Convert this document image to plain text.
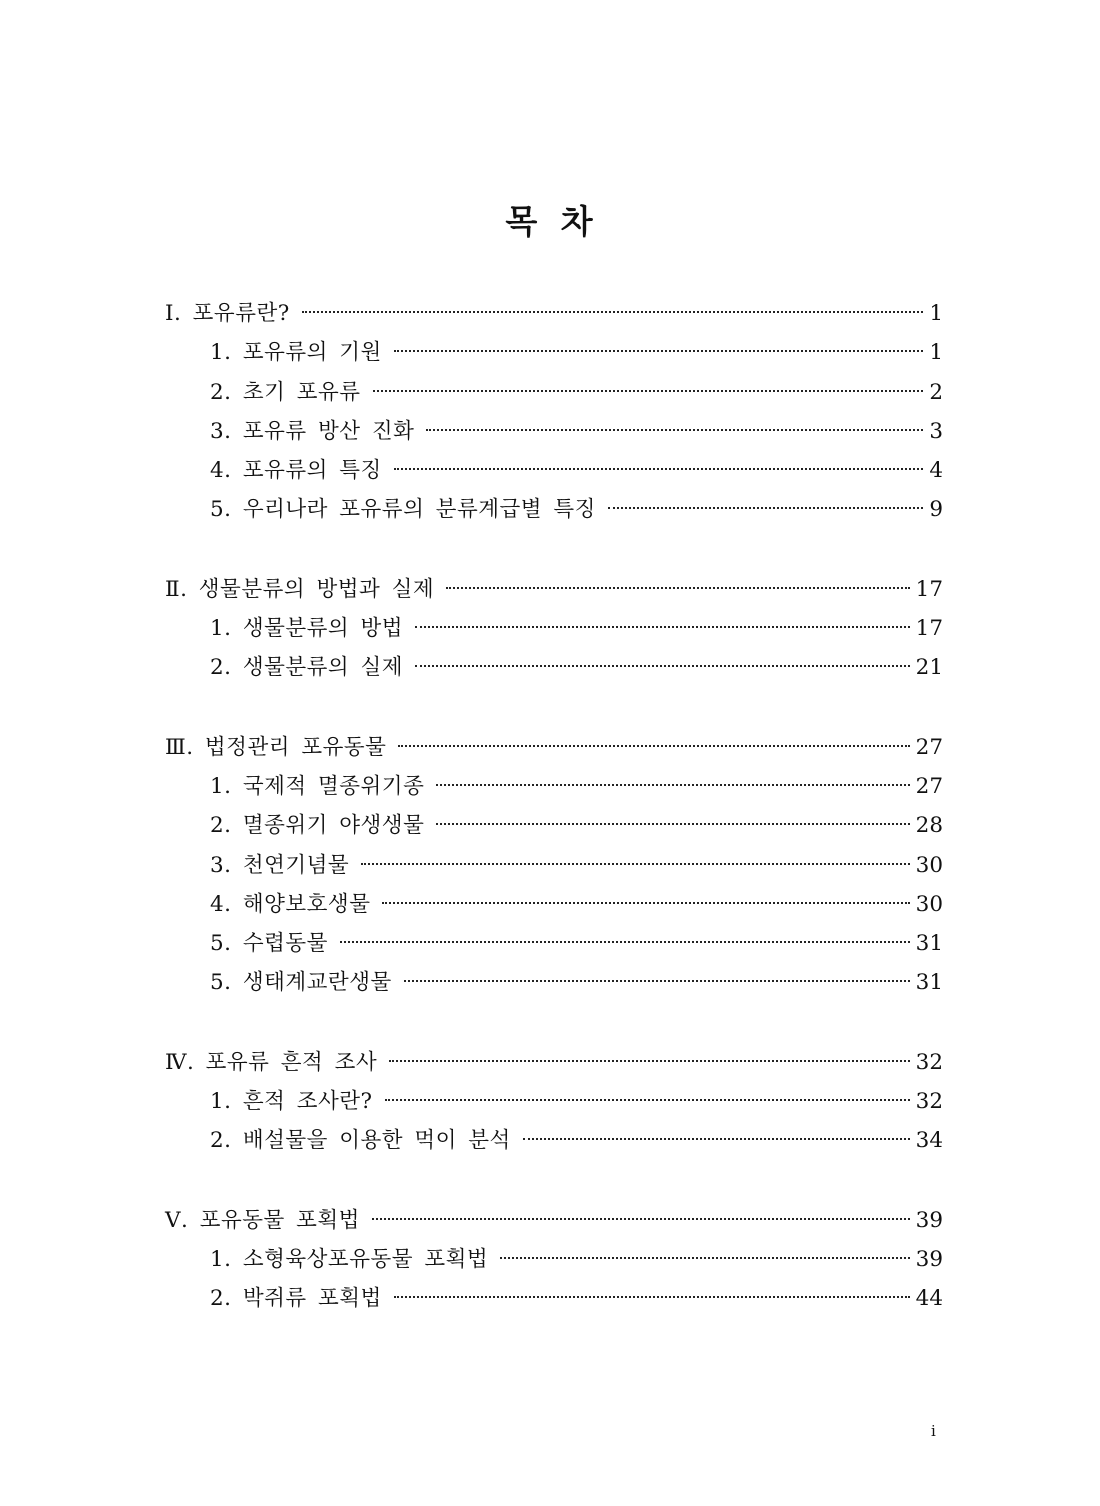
목 차
Ⅰ. 포유류란?	1
1. 포유류의 기원	1
2. 초기 포유류	2
3. 포유류 방산 진화	3
4. 포유류의 특징	4
5. 우리나라 포유류의 분류계급별 특징	9
Ⅱ. 생물분류의 방법과 실제	17
1. 생물분류의 방법	17
2. 생물분류의 실제	21
Ⅲ. 법정관리 포유동물	27
1. 국제적 멸종위기종	27
2. 멸종위기 야생생물	28
3. 천연기념물	30
4. 해양보호생물	30
5. 수렵동물	31
5. 생태계교란생물	31
Ⅳ. 포유류 흔적 조사	32
1. 흔적 조사란?	32
2. 배설물을 이용한 먹이 분석	34
Ⅴ. 포유동물 포획법	39
1. 소형육상포유동물 포획법	39
2. 박쥐류 포획법	44
i
